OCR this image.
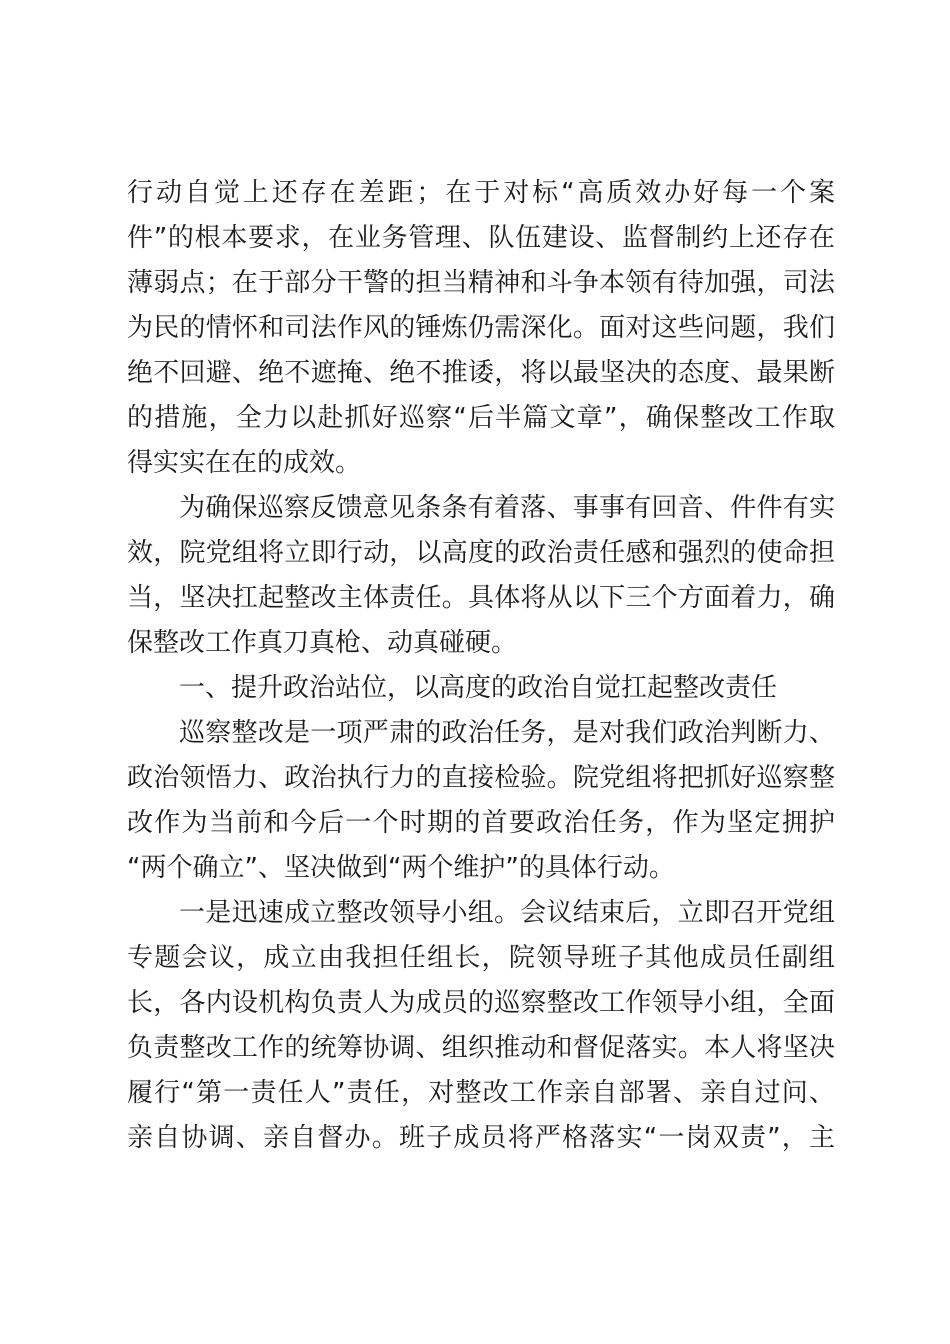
行动自觉上还存在差距；在于对标“高质效办好每一个案
件”的根本要求，在业务管理、队伍建设、监督制约上还存在
薄弱点；在于部分干警的担当精神和斗争本领有待加强，司法
为民的情怀和司法作风的锤炼仍需深化。面对这些问题，我们
绝不回避、绝不遮掩、绝不推诿，将以最坚决的态度、最果断
的措施，全力以赴抓好巡察“后半篇文章”，确保整改工作取
得实实在在的成效。
为确保巡察反馈意见条条有着落、事事有回音、件件有实
效，院党组将立即行动，以高度的政治责任感和强烈的使命担
当，坚决扛起整改主体责任。具体将从以下三个方面着力，确
保整改工作真刀真枪、动真碰硬。
一、提升政治站位，以高度的政治自觉扛起整改责任
巡察整改是一项严肃的政治任务，是对我们政治判断力、
政治领悟力、政治执行力的直接检验。院党组将把抓好巡察整
改作为当前和今后一个时期的首要政治任务，作为坚定拥护
“两个确立”、坚决做到“两个维护”的具体行动。
一是迅速成立整改领导小组。会议结束后，立即召开党组
专题会议，成立由我担任组长，院领导班子其他成员任副组
长，各内设机构负责人为成员的巡察整改工作领导小组，全面
负责整改工作的统筹协调、组织推动和督促落实。本人将坚决
履行“第一责任人”责任，对整改工作亲自部署、亲自过问、
亲自协调、亲自督办。班子成员将严格落实“一岗双责”，主
